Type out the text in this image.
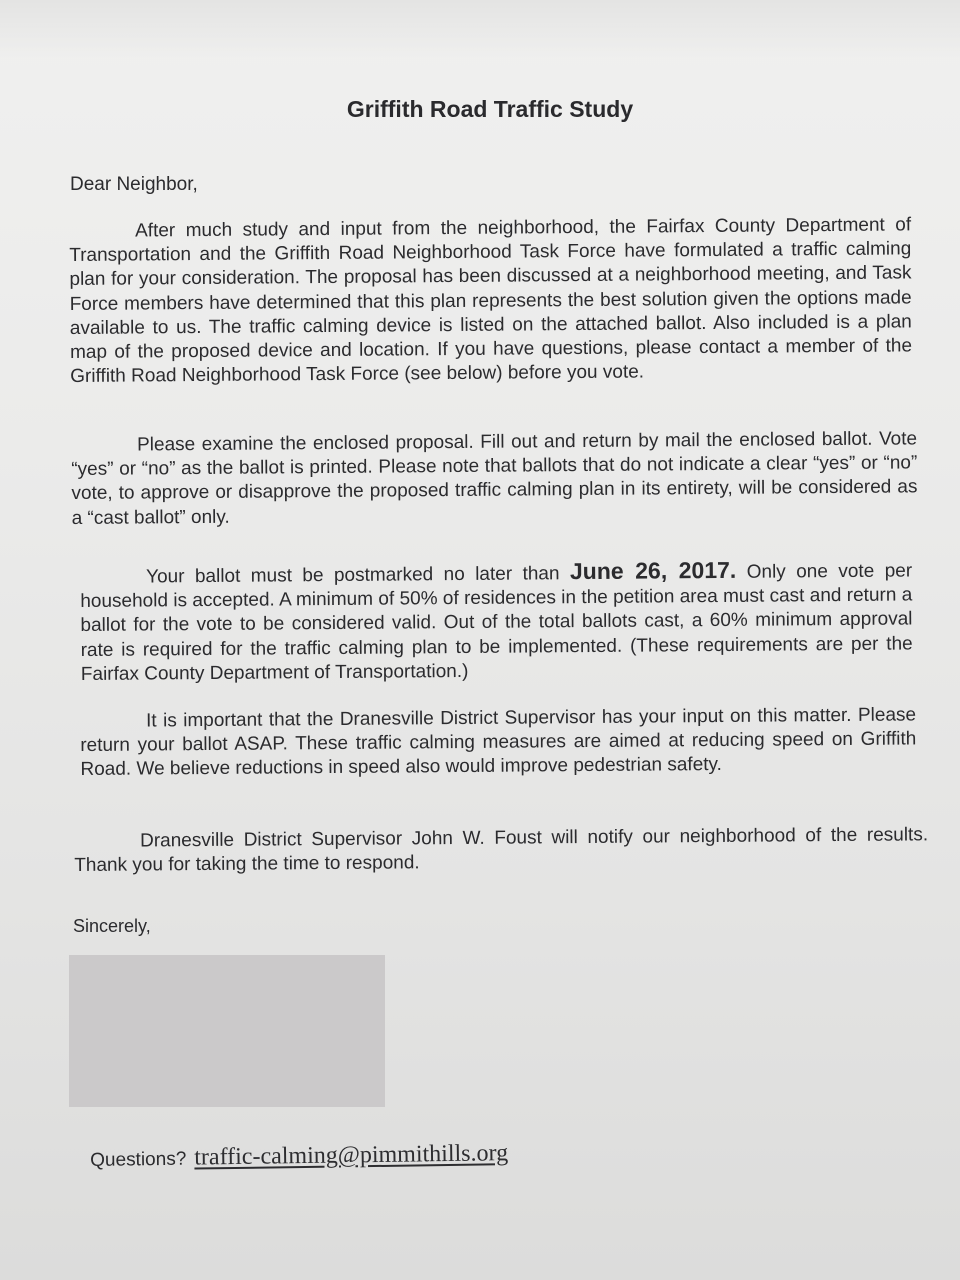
Griffith Road Traffic Study

Dear Neighbor,

After much study and input from the neighborhood, the Fairfax County Department of Transportation and the Griffith Road Neighborhood Task Force have formulated a traffic calming plan for your consideration. The proposal has been discussed at a neighborhood meeting, and Task Force members have determined that this plan represents the best solution given the options made available to us. The traffic calming device is listed on the attached ballot. Also included is a plan map of the proposed device and location. If you have questions, please contact a member of the Griffith Road Neighborhood Task Force (see below) before you vote.

Please examine the enclosed proposal. Fill out and return by mail the enclosed ballot. Vote “yes” or “no” as the ballot is printed. Please note that ballots that do not indicate a clear “yes” or “no” vote, to approve or disapprove the proposed traffic calming plan in its entirety, will be considered as a “cast ballot” only.

Your ballot must be postmarked no later than June 26, 2017. Only one vote per household is accepted. A minimum of 50% of residences in the petition area must cast and return a ballot for the vote to be considered valid. Out of the total ballots cast, a 60% minimum approval rate is required for the traffic calming plan to be implemented. (These requirements are per the Fairfax County Department of Transportation.)

It is important that the Dranesville District Supervisor has your input on this matter. Please return your ballot ASAP. These traffic calming measures are aimed at reducing speed on Griffith Road. We believe reductions in speed also would improve pedestrian safety.

Dranesville District Supervisor John W. Foust will notify our neighborhood of the results. Thank you for taking the time to respond.

Sincerely,

Questions? traffic-calming@pimmithills.org
